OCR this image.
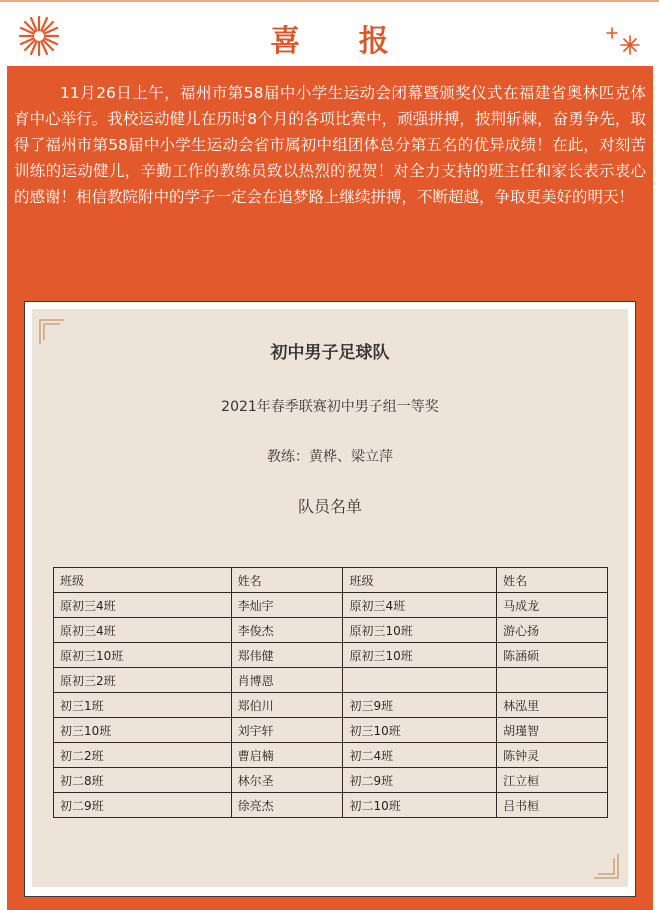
喜 报

11月26日上午，福州市第58届中小学生运动会闭幕暨颁奖仪式在福建省奥林匹克体育中心举行。我校运动健儿在历时8个月的各项比赛中，顽强拼搏，披荆斩棘，奋勇争先，取得了福州市第58届中小学生运动会省市属初中组团体总分第五名的优异成绩！在此，对刻苦训练的运动健儿，辛勤工作的教练员致以热烈的祝贺！对全力支持的班主任和家长表示衷心的感谢！相信教院附中的学子一定会在追梦路上继续拼搏，不断超越，争取更美好的明天！

初中男子足球队
2021年春季联赛初中男子组一等奖
教练：黄桦、梁立萍
队员名单
班级	姓名	班级	姓名
原初三4班	李灿宇	原初三4班	马成龙
原初三4班	李俊杰	原初三10班	游心扬
原初三10班	郑伟健	原初三10班	陈涵硕
原初三2班	肖博恩		
初三1班	郑伯川	初三9班	林泓里
初三10班	刘宇轩	初三10班	胡瑾智
初二2班	曹启楠	初二4班	陈钟灵
初二8班	林尔圣	初二9班	江立桓
初二9班	徐亮杰	初二10班	吕书桓
